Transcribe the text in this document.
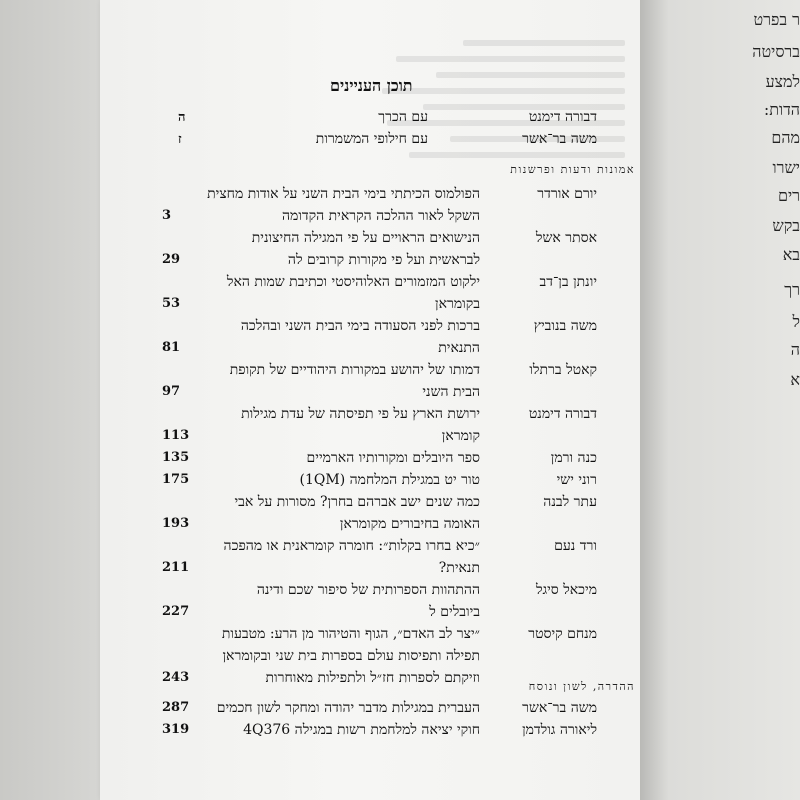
ר בפרט
ברסיטה
למצע
הדות:
מהם
ישרו
רים
בקש
בא
רך
ל
ה
א
תוכן העניינים
דבורה דימנט
עם הכרך
ה
משה בר־אשר
עם חילופי המשמרות
ז
אמונות ודעות ופרשנות
יורם אורדר
הפולמוס הכיתתי בימי הבית השני על אודות מחצית
השקל לאור ההלכה הקראית הקדומה
3
אסתר אשל
הנישואים הראויים על פי המגילה החיצונית
לבראשית ועל פי מקורות קרובים לה
29
יונתן בן־דב
ילקוט המזמורים האלוהיסטי וכתיבת שמות האל
בקומראן
53
משה בנוביץ
ברכות לפני הסעודה בימי הבית השני ובהלכה
התנאית
81
קאטל ברתלו
דמותו של יהושע במקורות היהודיים של תקופת
הבית השני
97
דבורה דימנט
ירושת הארץ על פי תפיסתה של עדת מגילות
קומראן
113
כנה ורמן
ספר היובלים ומקורותיו הארמיים
135
רוני ישי
טור יט במגילת המלחמה (1QM)
175
עתר לבנה
כמה שנים ישב אברהם בחרן? מסורות על אבי
האומה בחיבורים מקומראן
193
ורד נעם
״כיא בחרו בקלות״: חומרה קומראנית או מהפכה
תנאית?
211
מיכאל סיגל
ההתהוות הספרותית של סיפור שכם ודינה
ביובלים ל
227
מנחם קיסטר
״יצר לב האדם״, הגוף והטיהור מן הרע: מטבעות
תפילה ותפיסות עולם בספרות בית שני ובקומראן
וזיקתם לספרות חז״ל ולתפילות מאוחרות
243
ההדרה, לשון ונוסח
משה בר־אשר
העברית במגילות מדבר יהודה ומחקר לשון חכמים
287
ליאורה גולדמן
חוקי יציאה למלחמת רשות במגילה 4Q376
319
